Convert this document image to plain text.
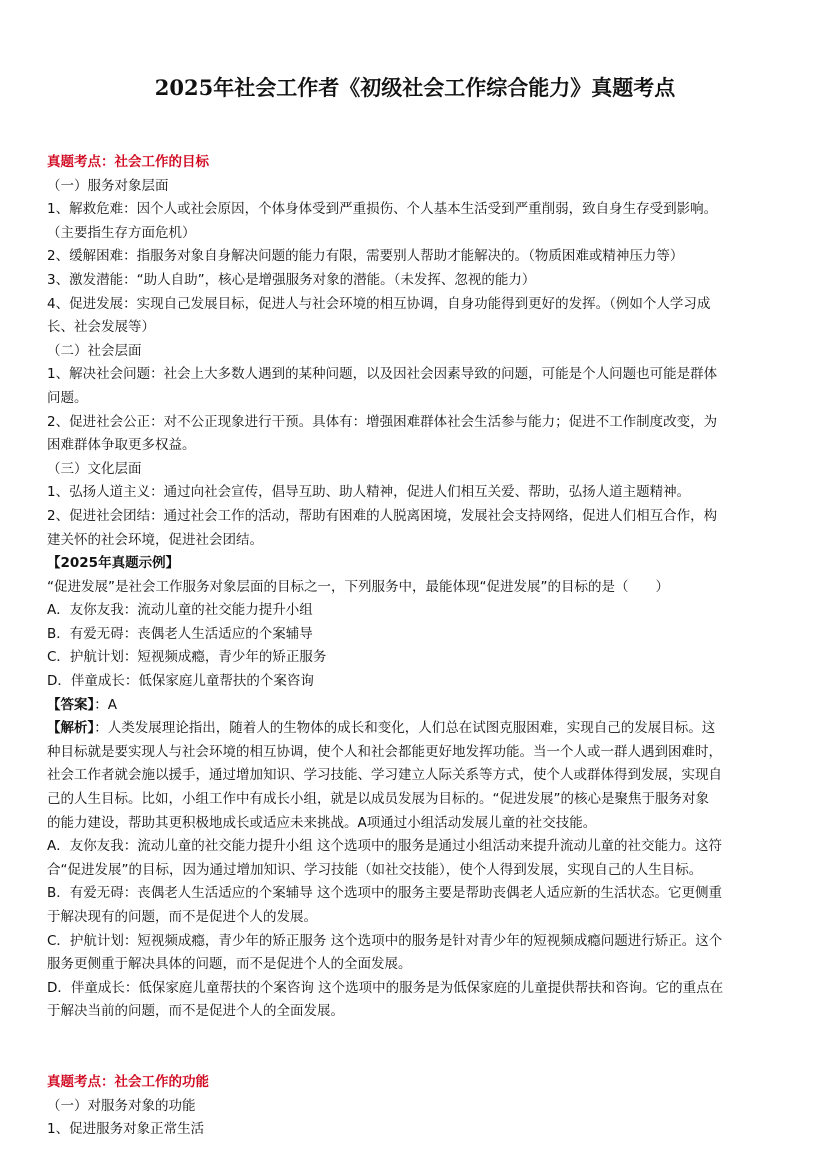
2025年社会工作者《初级社会工作综合能力》真题考点

真题考点：社会工作的目标

（一）服务对象层面

1、解救危难：因个人或社会原因，个体身体受到严重损伤、个人基本生活受到严重削弱，致自身生存受到影响。

（主要指生存方面危机）

2、缓解困难：指服务对象自身解决问题的能力有限，需要别人帮助才能解决的。（物质困难或精神压力等）

3、激发潜能：“助人自助”，核心是增强服务对象的潜能。（未发挥、忽视的能力）

4、促进发展：实现自己发展目标，促进人与社会环境的相互协调，自身功能得到更好的发挥。（例如个人学习成

长、社会发展等）

（二）社会层面

1、解决社会问题：社会上大多数人遇到的某种问题，以及因社会因素导致的问题，可能是个人问题也可能是群体

问题。

2、促进社会公正：对不公正现象进行干预。具体有：增强困难群体社会生活参与能力；促进不工作制度改变，为

困难群体争取更多权益。

（三）文化层面

1、弘扬人道主义：通过向社会宣传，倡导互助、助人精神，促进人们相互关爱、帮助，弘扬人道主题精神。

2、促进社会团结：通过社会工作的活动，帮助有困难的人脱离困境，发展社会支持网络，促进人们相互合作，构

建关怀的社会环境，促进社会团结。

【2025年真题示例】

“促进发展”是社会工作服务对象层面的目标之一，下列服务中，最能体现“促进发展”的目标的是（　　）

A．友你友我：流动儿童的社交能力提升小组

B．有爱无碍：丧偶老人生活适应的个案辅导

C．护航计划：短视频成瘾，青少年的矫正服务

D．伴童成长：低保家庭儿童帮扶的个案咨询

【答案】：A

【解析】：人类发展理论指出，随着人的生物体的成长和变化，人们总在试图克服困难，实现自己的发展目标。这

种目标就是要实现人与社会环境的相互协调，使个人和社会都能更好地发挥功能。当一个人或一群人遇到困难时，

社会工作者就会施以援手，通过增加知识、学习技能、学习建立人际关系等方式，使个人或群体得到发展，实现自

己的人生目标。比如，小组工作中有成长小组，就是以成员发展为目标的。“促进发展”的核心是聚焦于服务对象

的能力建设，帮助其更积极地成长或适应未来挑战。A项通过小组活动发展儿童的社交技能。

A．友你友我：流动儿童的社交能力提升小组 这个选项中的服务是通过小组活动来提升流动儿童的社交能力。这符

合“促进发展”的目标，因为通过增加知识、学习技能（如社交技能），使个人得到发展，实现自己的人生目标。

B．有爱无碍：丧偶老人生活适应的个案辅导 这个选项中的服务主要是帮助丧偶老人适应新的生活状态。它更侧重

于解决现有的问题，而不是促进个人的发展。

C．护航计划：短视频成瘾，青少年的矫正服务 这个选项中的服务是针对青少年的短视频成瘾问题进行矫正。这个

服务更侧重于解决具体的问题，而不是促进个人的全面发展。

D．伴童成长：低保家庭儿童帮扶的个案咨询 这个选项中的服务是为低保家庭的儿童提供帮扶和咨询。它的重点在

于解决当前的问题，而不是促进个人的全面发展。

真题考点：社会工作的功能

（一）对服务对象的功能

1、促进服务对象正常生活
